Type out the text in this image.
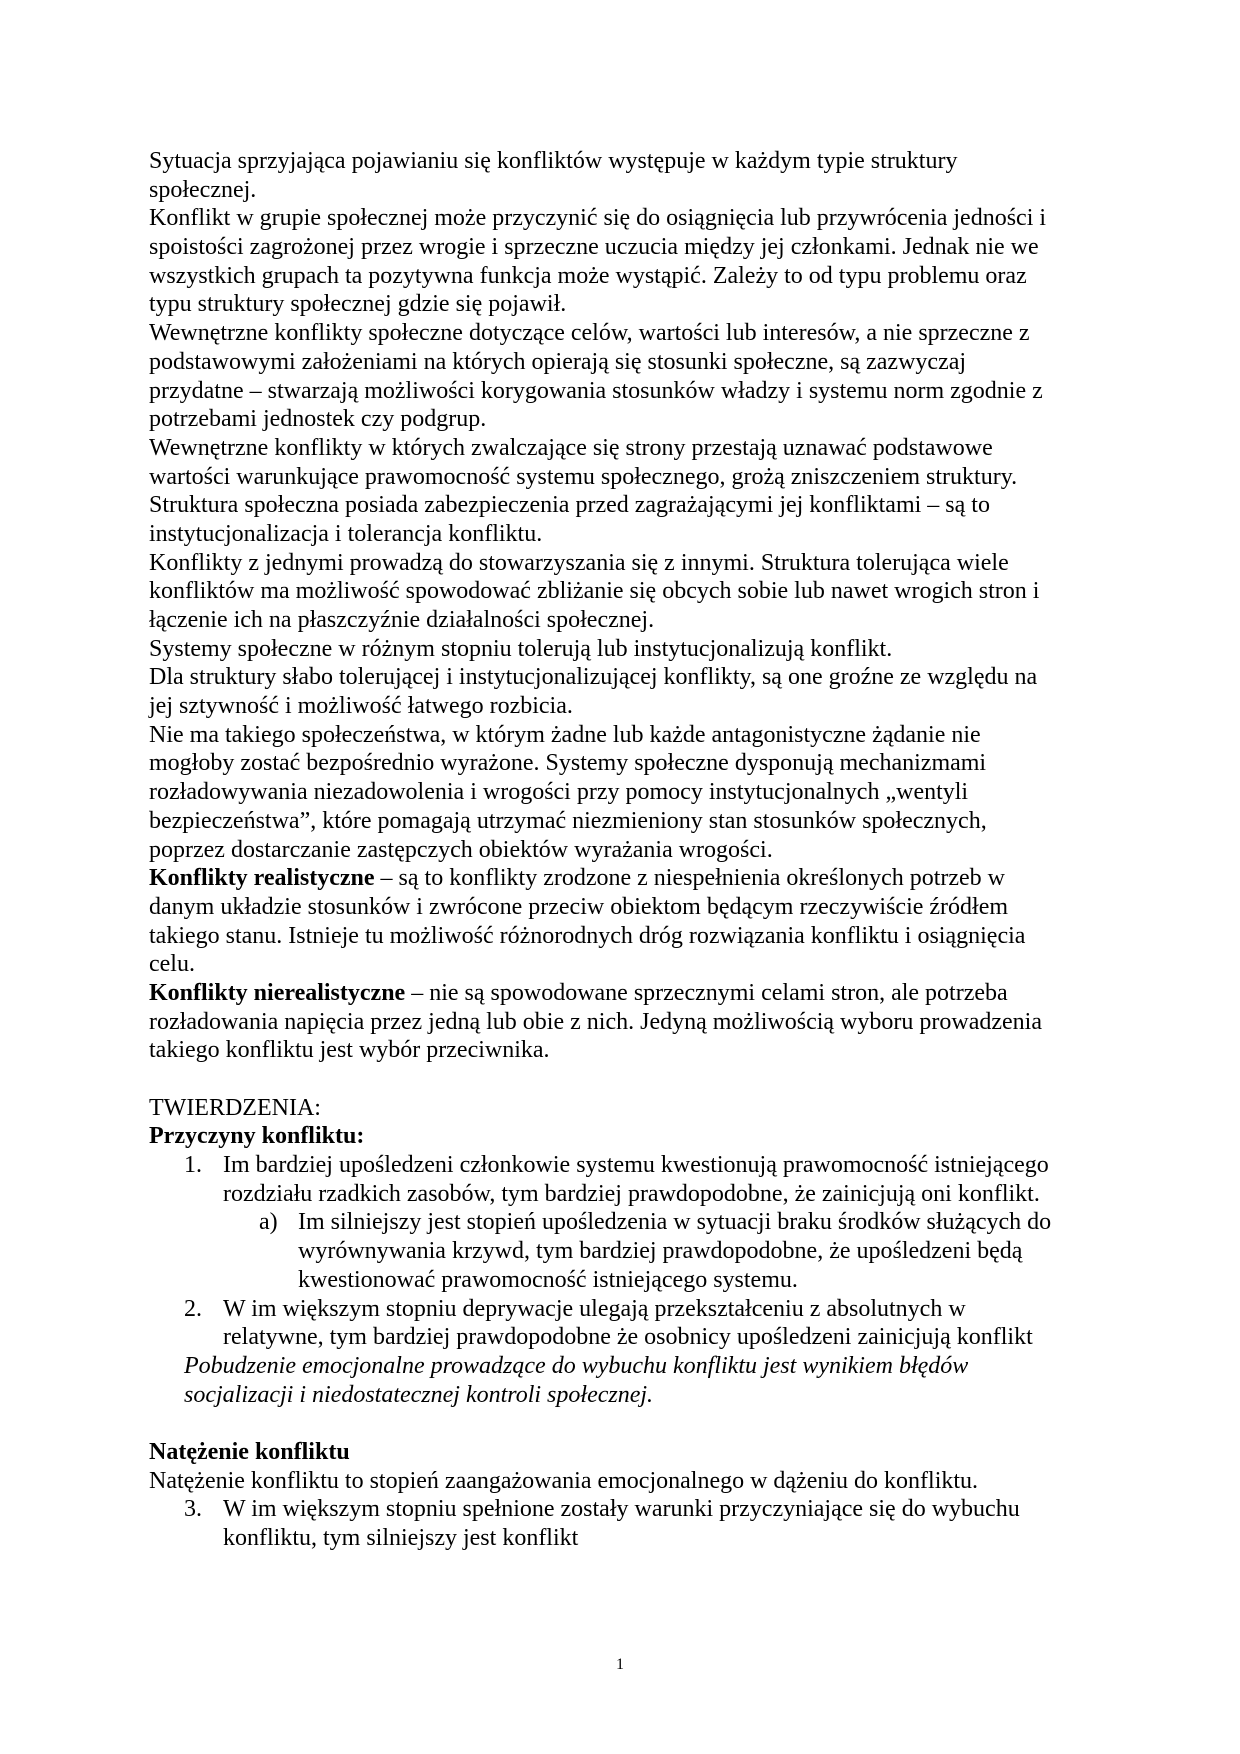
Sytuacja sprzyjająca pojawianiu się konfliktów występuje w każdym typie struktury
społecznej.
Konflikt w grupie społecznej może przyczynić się do osiągnięcia lub przywrócenia jedności i
spoistości zagrożonej przez wrogie i sprzeczne uczucia między jej członkami. Jednak nie we
wszystkich grupach ta pozytywna funkcja może wystąpić. Zależy to od typu problemu oraz
typu struktury społecznej gdzie się pojawił.
Wewnętrzne konflikty społeczne dotyczące celów, wartości lub interesów, a nie sprzeczne z
podstawowymi założeniami na których opierają się stosunki społeczne, są zazwyczaj
przydatne – stwarzają możliwości korygowania stosunków władzy i systemu norm zgodnie z
potrzebami jednostek czy podgrup.
Wewnętrzne konflikty w których zwalczające się strony przestają uznawać podstawowe
wartości warunkujące prawomocność systemu społecznego, grożą zniszczeniem struktury.
Struktura społeczna posiada zabezpieczenia przed zagrażającymi jej konfliktami – są to
instytucjonalizacja i tolerancja konfliktu.
Konflikty z jednymi prowadzą do stowarzyszania się z innymi. Struktura tolerująca wiele
konfliktów ma możliwość spowodować zbliżanie się obcych sobie lub nawet wrogich stron i
łączenie ich na płaszczyźnie działalności społecznej.
Systemy społeczne w różnym stopniu tolerują lub instytucjonalizują konflikt.
Dla struktury słabo tolerującej i instytucjonalizującej konflikty, są one groźne ze względu na
jej sztywność i możliwość łatwego rozbicia.
Nie ma takiego społeczeństwa, w którym żadne lub każde antagonistyczne żądanie nie
mogłoby zostać bezpośrednio wyrażone. Systemy społeczne dysponują mechanizmami
rozładowywania niezadowolenia i wrogości przy pomocy instytucjonalnych „wentyli
bezpieczeństwa”, które pomagają utrzymać niezmieniony stan stosunków społecznych,
poprzez dostarczanie zastępczych obiektów wyrażania wrogości.
Konflikty realistyczne – są to konflikty zrodzone z niespełnienia określonych potrzeb w
danym układzie stosunków i zwrócone przeciw obiektom będącym rzeczywiście źródłem
takiego stanu. Istnieje tu możliwość różnorodnych dróg rozwiązania konfliktu i osiągnięcia
celu.
Konflikty nierealistyczne – nie są spowodowane sprzecznymi celami stron, ale potrzeba
rozładowania napięcia przez jedną lub obie z nich. Jedyną możliwością wyboru prowadzenia
takiego konfliktu jest wybór przeciwnika.
TWIERDZENIA:
Przyczyny konfliktu:
1. Im bardziej upośledzeni członkowie systemu kwestionują prawomocność istniejącego
rozdziału rzadkich zasobów, tym bardziej prawdopodobne, że zainicjują oni konflikt.
a) Im silniejszy jest stopień upośledzenia w sytuacji braku środków służących do
wyrównywania krzywd, tym bardziej prawdopodobne, że upośledzeni będą
kwestionować prawomocność istniejącego systemu.
2. W im większym stopniu deprywacje ulegają przekształceniu z absolutnych w
relatywne, tym bardziej prawdopodobne że osobnicy upośledzeni zainicjują konflikt
Pobudzenie emocjonalne prowadzące do wybuchu konfliktu jest wynikiem błędów
socjalizacji i niedostatecznej kontroli społecznej.
Natężenie konfliktu
Natężenie konfliktu to stopień zaangażowania emocjonalnego w dążeniu do konfliktu.
3. W im większym stopniu spełnione zostały warunki przyczyniające się do wybuchu
konfliktu, tym silniejszy jest konflikt
1
